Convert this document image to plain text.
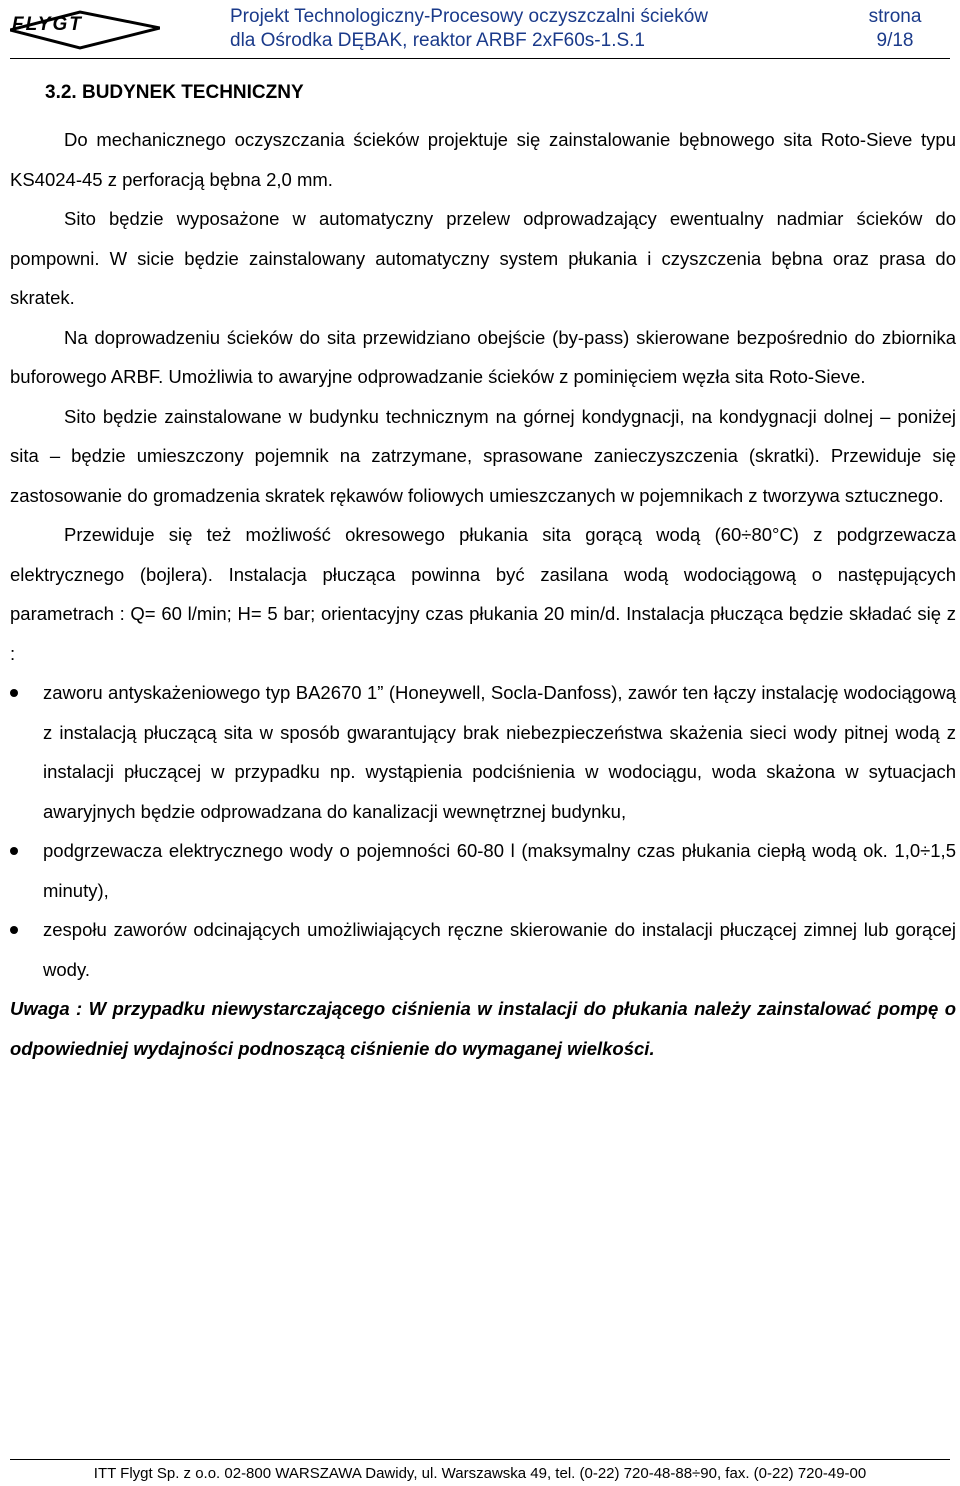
FLYGT	Projekt Technologiczny-Procesowy oczyszczalni ścieków
dla Ośrodka DĘBAK, reaktor ARBF 2xF60s-1.S.1
strona
9/18
3.2. BUDYNEK TECHNICZNY

Do mechanicznego oczyszczania ścieków projektuje się zainstalowanie bębnowego sita Roto-Sieve typu KS4024-45 z perforacją bębna 2,0 mm.

Sito będzie wyposażone w automatyczny przelew odprowadzający ewentualny nadmiar ścieków do pompowni. W sicie będzie zainstalowany automatyczny system płukania i czyszczenia bębna oraz prasa do skratek.

Na doprowadzeniu ścieków do sita przewidziano obejście (by-pass) skierowane bezpośrednio do zbiornika buforowego ARBF. Umożliwia to awaryjne odprowadzanie ścieków z pominięciem węzła sita Roto-Sieve.

Sito będzie zainstalowane w budynku technicznym na górnej kondygnacji, na kondygnacji dolnej – poniżej sita – będzie umieszczony pojemnik na zatrzymane, sprasowane zanieczyszczenia (skratki). Przewiduje się zastosowanie do gromadzenia skratek rękawów foliowych umieszczanych w pojemnikach z tworzywa sztucznego.

Przewiduje się też możliwość okresowego płukania sita gorącą wodą (60÷80°C) z podgrzewacza elektrycznego (bojlera). Instalacja płucząca powinna być zasilana wodą wodociągową o następujących parametrach : Q= 60 l/min; H= 5 bar; orientacyjny czas płukania 20 min/d. Instalacja płucząca będzie składać się z :

zaworu antyskażeniowego typ BA2670 1” (Honeywell, Socla-Danfoss), zawór ten łączy instalację wodociągową z instalacją płuczącą sita w sposób gwarantujący brak niebezpieczeństwa skażenia sieci wody pitnej wodą z instalacji płuczącej w przypadku np. wystąpienia podciśnienia w wodociągu, woda skażona w sytuacjach awaryjnych będzie odprowadzana do kanalizacji wewnętrznej budynku,
podgrzewacza elektrycznego wody o pojemności 60-80 l (maksymalny czas płukania ciepłą wodą ok. 1,0÷1,5 minuty),
zespołu zaworów odcinających umożliwiających ręczne skierowanie do instalacji płuczącej zimnej lub gorącej wody.

Uwaga : W przypadku niewystarczającego ciśnienia w instalacji do płukania należy zainstalować pompę o odpowiedniej wydajności podnoszącą ciśnienie do wymaganej wielkości.

ITT Flygt Sp. z o.o. 02-800 WARSZAWA Dawidy, ul. Warszawska 49, tel. (0-22) 720-48-88÷90, fax. (0-22) 720-49-00
